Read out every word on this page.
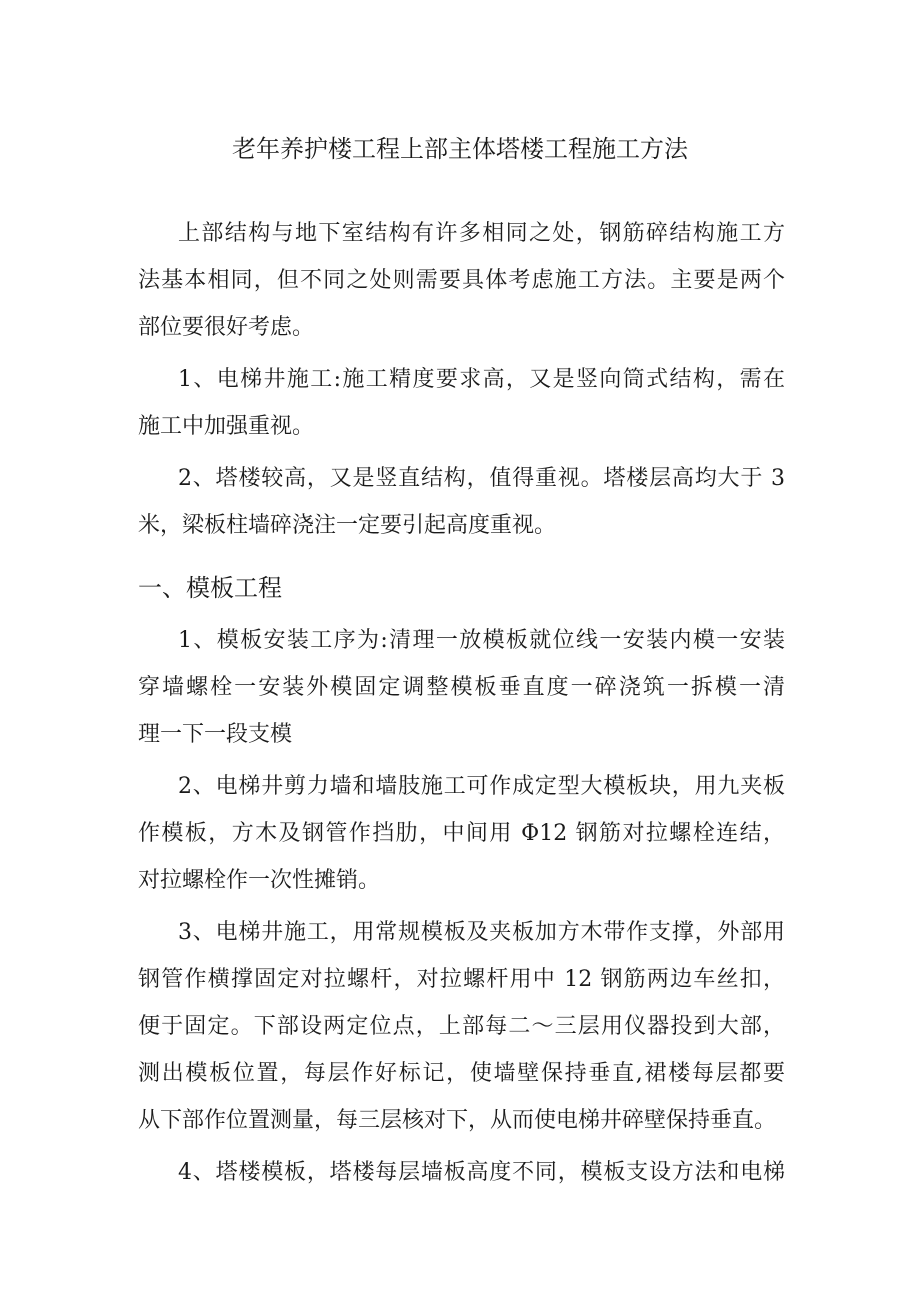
老年养护楼工程上部主体塔楼工程施工方法
上部结构与地下室结构有许多相同之处，钢筋碎结构施工方
法基本相同，但不同之处则需要具体考虑施工方法。主要是两个
部位要很好考虑。
1、电梯井施工:施工精度要求高，又是竖向筒式结构，需在
施工中加强重视。
2、塔楼较高，又是竖直结构，值得重视。塔楼层高均大于 3
米，梁板柱墙碎浇注一定要引起高度重视。
一、模板工程
1、模板安装工序为:清理一放模板就位线一安装内模一安装
穿墙螺栓一安装外模固定调整模板垂直度一碎浇筑一拆模一清
理一下一段支模
2、电梯井剪力墙和墙肢施工可作成定型大模板块，用九夹板
作模板，方木及钢管作挡肋，中间用 Φ12 钢筋对拉螺栓连结，
对拉螺栓作一次性摊销。
3、电梯井施工，用常规模板及夹板加方木带作支撑，外部用
钢管作横撑固定对拉螺杆，对拉螺杆用中 12 钢筋两边车丝扣，
便于固定。下部设两定位点，上部每二～三层用仪器投到大部，
测出模板位置，每层作好标记，使墙壁保持垂直,裙楼每层都要
从下部作位置测量，每三层核对下，从而使电梯井碎壁保持垂直。
4、塔楼模板，塔楼每层墙板高度不同，模板支设方法和电梯
